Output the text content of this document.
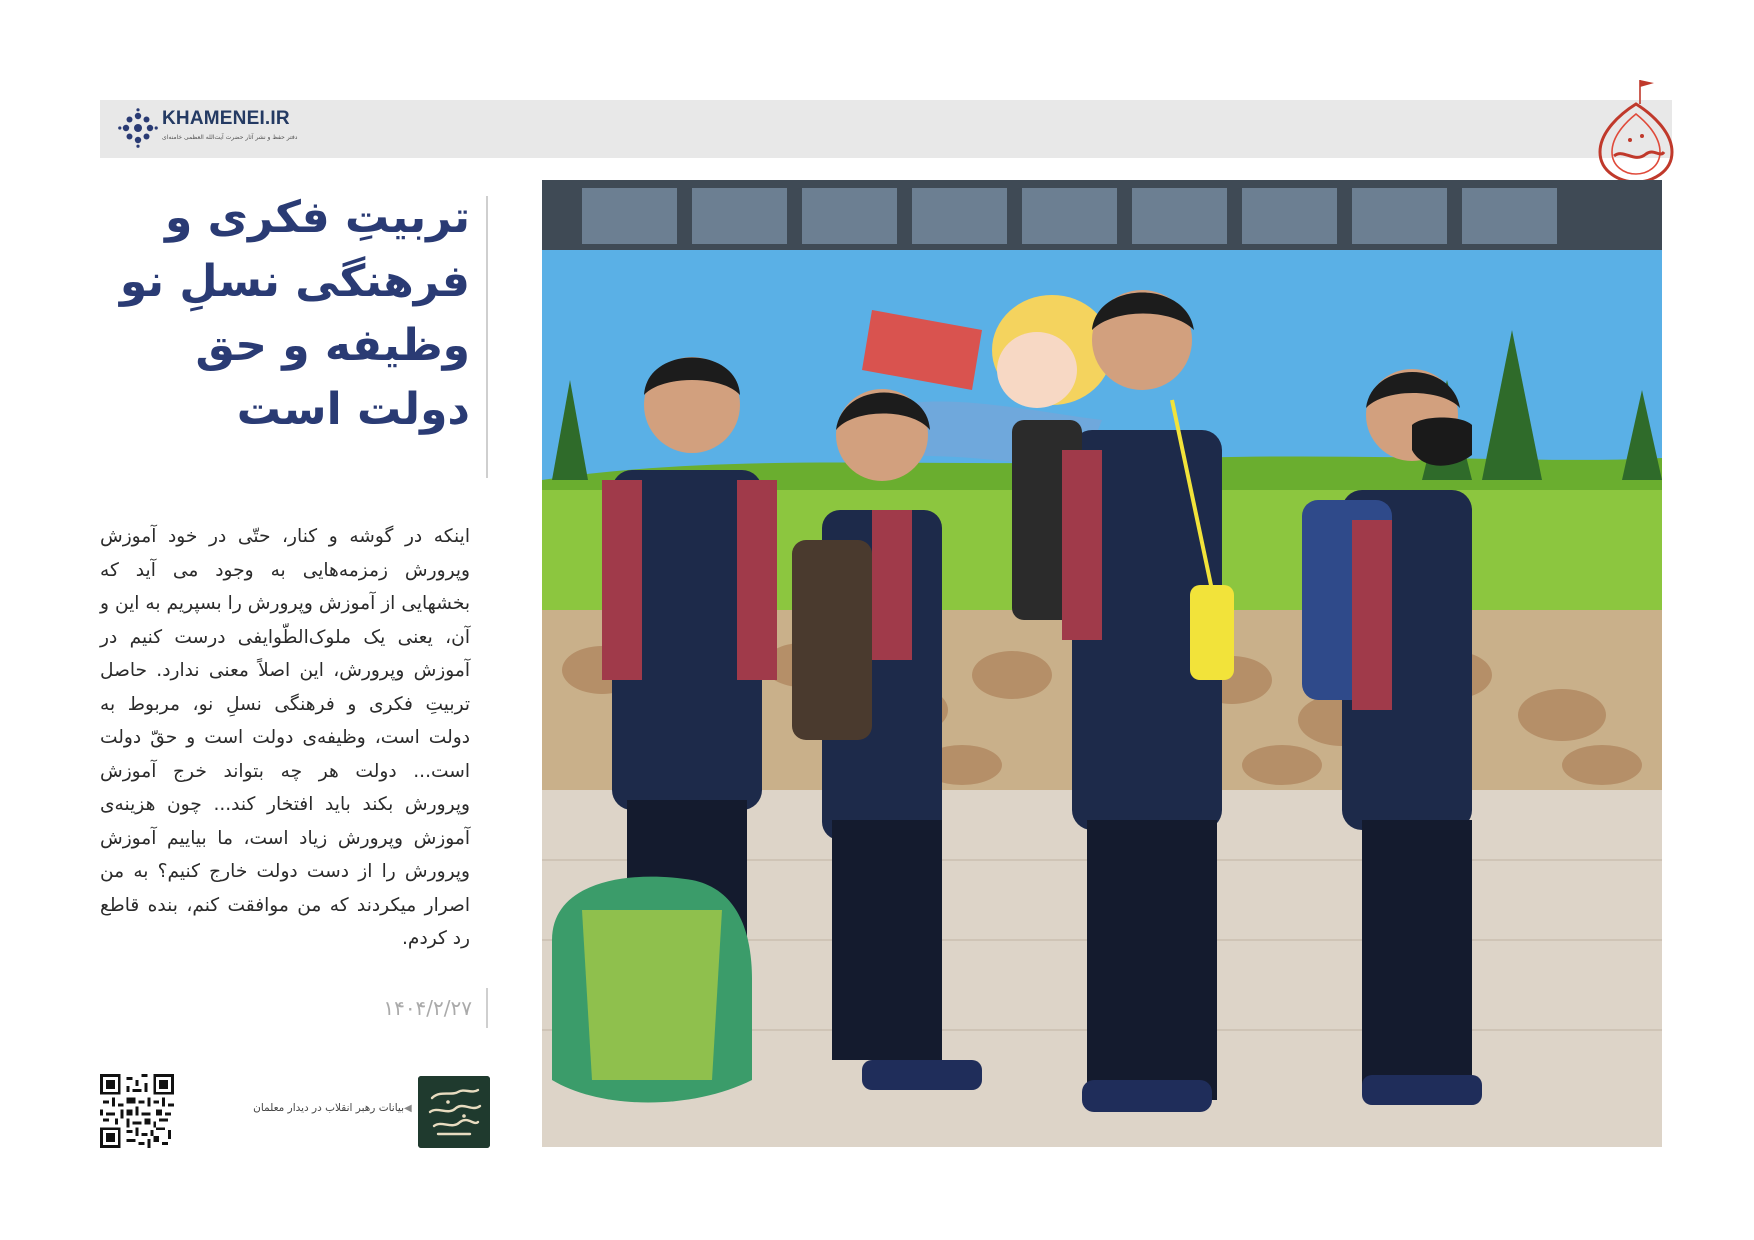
KHAMENEI.IR
دفتر حفظ و نشر آثار حضرت آیت‌الله العظمی خامنه‌ای
تربیتِ فکری و
فرهنگی نسلِ نو
وظیفه و حق
دولت است
اینکه در گوشه و کنار، حتّی در خود آموزش و‌پرورش زمزمه‌هایی به‌ وجود می‌ آید که بخشهایی از آموزش و‌پرورش را بسپریم به این و آن، یعنی یک ملوک‌الطّوایفی درست کنیم در آموزش و‌پرورش، این اصلاً معنی ندارد. حاصل تربیتِ فکری و فرهنگی نسلِ نو، مربوط به دولت است، وظیفه‌ی دولت است و حقّ دولت است... دولت هر چه بتواند خرج آموزش و‌پرورش بکند باید افتخار کند... چون هزینه‌ی آموزش و‌پرورش زیاد است، ما بیاییم آموزش و‌پرورش را از دست دولت خارج کنیم؟ به من اصرار میکردند که من موافقت کنم، بنده قاطع رد کردم.
۱۴۰۴/۲/۲۷
بیانات رهبر انقلاب در دیدار معلمان ◀
